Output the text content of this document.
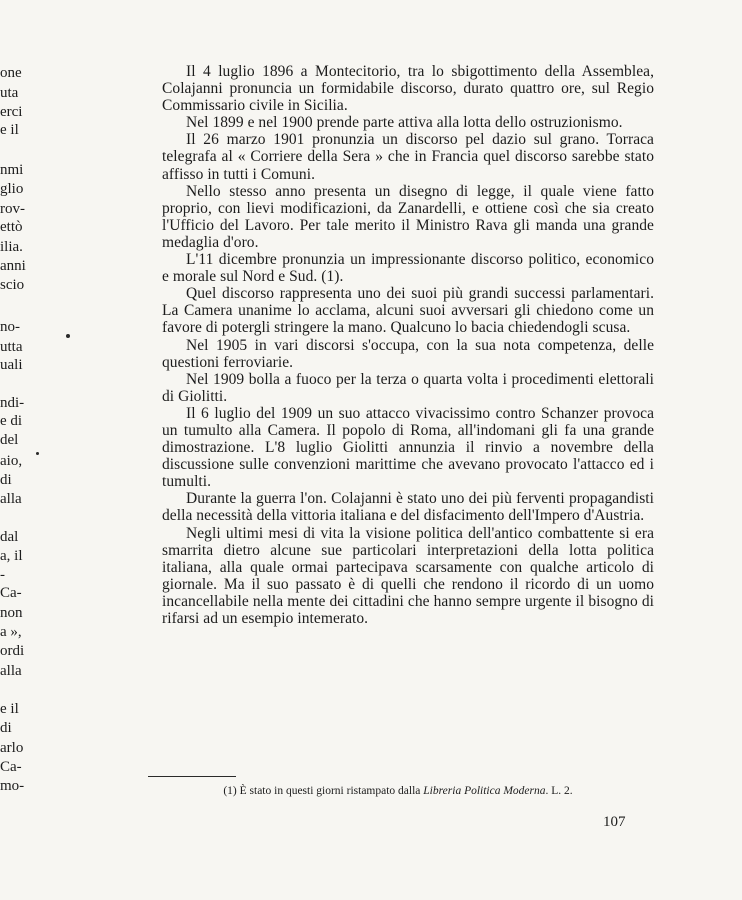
one
uta
erci
e il
nmi
glio
rov-
ettò
ilia.
anni
scio
no-
utta
uali
ndi-
e di
del
aio,
di
alla
dal
a, il
-
Ca-
non
a »,
ordi
alla
e il
di
arlo
Ca-
mo-

Il 4 luglio 1896 a Montecitorio, tra lo sbigottimento della Assemblea, Colajanni pronuncia un formidabile discorso, durato quattro ore, sul Regio Commissario civile in Sicilia.

Nel 1899 e nel 1900 prende parte attiva alla lotta dello ostruzionismo.

Il 26 marzo 1901 pronunzia un discorso pel dazio sul grano. Torraca telegrafa al « Corriere della Sera » che in Francia quel discorso sarebbe stato affisso in tutti i Comuni.

Nello stesso anno presenta un disegno di legge, il quale viene fatto proprio, con lievi modificazioni, da Zanardelli, e ottiene così che sia creato l'Ufficio del Lavoro. Per tale merito il Ministro Rava gli manda una grande medaglia d'oro.

L'11 dicembre pronunzia un impressionante discorso politico, economico e morale sul Nord e Sud. (1).

Quel discorso rappresenta uno dei suoi più grandi successi parlamentari. La Camera unanime lo acclama, alcuni suoi avversari gli chiedono come un favore di potergli stringere la mano. Qualcuno lo bacia chiedendogli scusa.

Nel 1905 in vari discorsi s'occupa, con la sua nota competenza, delle questioni ferroviarie.

Nel 1909 bolla a fuoco per la terza o quarta volta i procedimenti elettorali di Giolitti.

Il 6 luglio del 1909 un suo attacco vivacissimo contro Schanzer provoca un tumulto alla Camera. Il popolo di Roma, all'indomani gli fa una grande dimostrazione. L'8 luglio Giolitti annunzia il rinvio a novembre della discussione sulle convenzioni marittime che avevano provocato l'attacco ed i tumulti.

Durante la guerra l'on. Colajanni è stato uno dei più ferventi propagandisti della necessità della vittoria italiana e del disfacimento dell'Impero d'Austria.

Negli ultimi mesi di vita la visione politica dell'antico combattente si era smarrita dietro alcune sue particolari interpretazioni della lotta politica italiana, alla quale ormai partecipava scarsamente con qualche articolo di giornale. Ma il suo passato è di quelli che rendono il ricordo di un uomo incancellabile nella mente dei cittadini che hanno sempre urgente il bisogno di rifarsi ad un esempio intemerato.

(1) È stato in questi giorni ristampato dalla Libreria Politica Moderna. L. 2.
107
